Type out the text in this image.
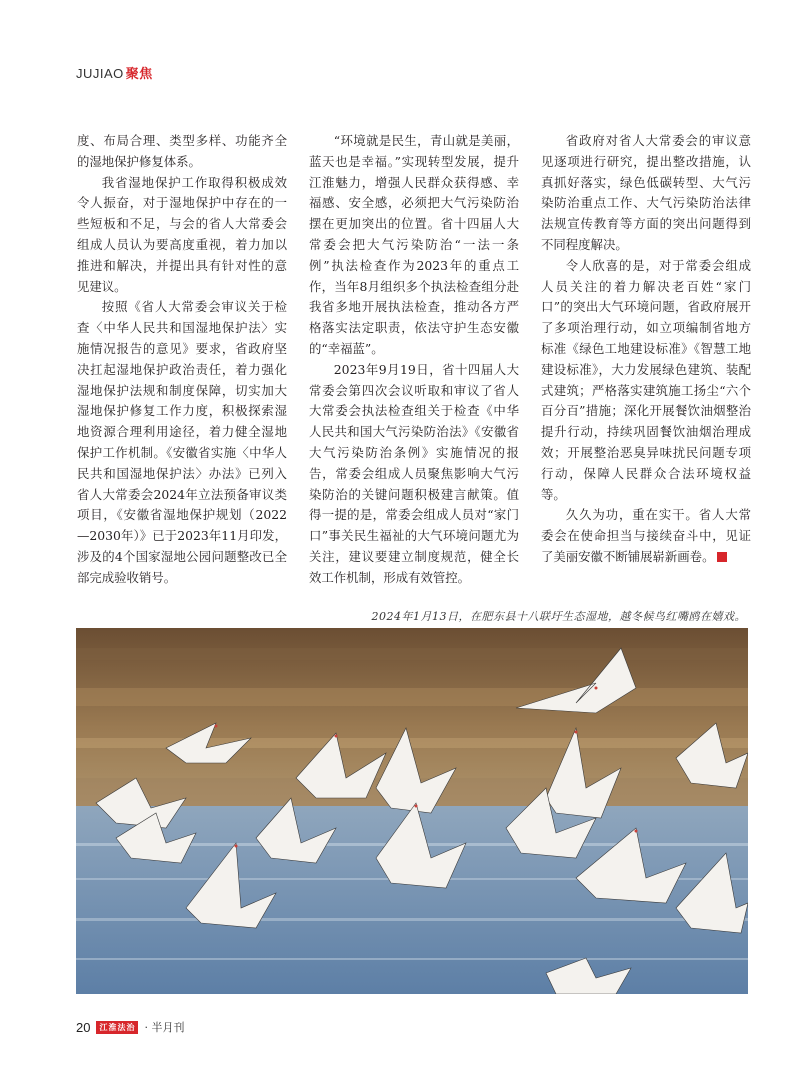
JUJIAO 聚焦

度、布局合理、类型多样、功能齐全的湿地保护修复体系。

我省湿地保护工作取得积极成效令人振奋，对于湿地保护中存在的一些短板和不足，与会的省人大常委会组成人员认为要高度重视，着力加以推进和解决，并提出具有针对性的意见建议。

按照《省人大常委会审议关于检查〈中华人民共和国湿地保护法〉实施情况报告的意见》要求，省政府坚决扛起湿地保护政治责任，着力强化湿地保护法规和制度保障，切实加大湿地保护修复工作力度，积极探索湿地资源合理利用途径，着力健全湿地保护工作机制。《安徽省实施〈中华人民共和国湿地保护法〉办法》已列入省人大常委会2024年立法预备审议类项目，《安徽省湿地保护规划（2022—2030年）》已于2023年11月印发，涉及的4个国家湿地公园问题整改已全部完成验收销号。

“环境就是民生，青山就是美丽，蓝天也是幸福。”实现转型发展，提升江淮魅力，增强人民群众获得感、幸福感、安全感，必须把大气污染防治摆在更加突出的位置。省十四届人大常委会把大气污染防治“一法一条例”执法检查作为2023年的重点工作，当年8月组织多个执法检查组分赴我省多地开展执法检查，推动各方严格落实法定职责，依法守护生态安徽的“幸福蓝”。

2023年9月19日，省十四届人大常委会第四次会议听取和审议了省人大常委会执法检查组关于检查《中华人民共和国大气污染防治法》《安徽省大气污染防治条例》实施情况的报告，常委会组成人员聚焦影响大气污染防治的关键问题积极建言献策。值得一提的是，常委会组成人员对“家门口”事关民生福祉的大气环境问题尤为关注，建议要建立制度规范，健全长效工作机制，形成有效管控。

省政府对省人大常委会的审议意见逐项进行研究，提出整改措施，认真抓好落实，绿色低碳转型、大气污染防治重点工作、大气污染防治法律法规宣传教育等方面的突出问题得到不同程度解决。

令人欣喜的是，对于常委会组成人员关注的着力解决老百姓“家门口”的突出大气环境问题，省政府展开了多项治理行动，如立项编制省地方标准《绿色工地建设标准》《智慧工地建设标准》，大力发展绿色建筑、装配式建筑；严格落实建筑施工扬尘“六个百分百”措施；深化开展餐饮油烟整治提升行动，持续巩固餐饮油烟治理成效；开展整治恶臭异味扰民问题专项行动，保障人民群众合法环境权益等。

久久为功，重在实干。省人大常委会在使命担当与接续奋斗中，见证了美丽安徽不断铺展崭新画卷。

2024年1月13日，在肥东县十八联圩生态湿地，越冬候鸟红嘴鸥在嬉戏。
20	江淮法治 · 半月刊
